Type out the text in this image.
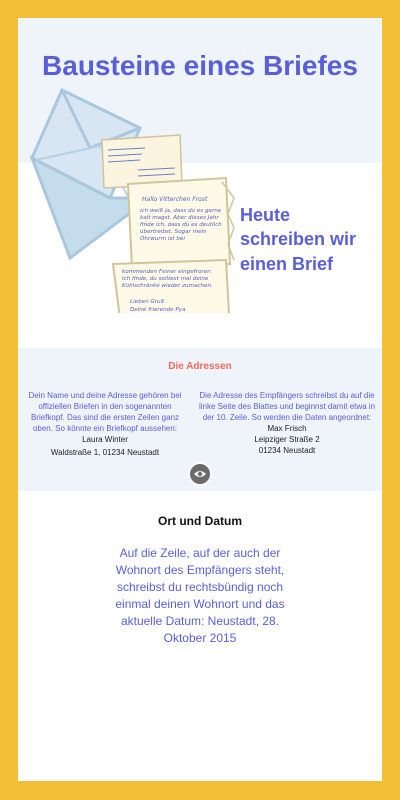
Bausteine eines Briefes
Hallo Vitterchen Frost
ich weiß ja, dass du es gerne kalt magst. Aber dieses Jahr finde ich, dass du es deutlich übertreibst. Sogar mein Ohrwurm ist bei
kommenden Feiner eingefroren. Ich finde, du solltest mal deine Kühlschränke wieder zumachen.
Lieben Gruß
Deine frierende Pya
Heute schreiben wir einen Brief
Die Adressen
Dein Name und deine Adresse gehören bei offiziellen Briefen in den sogenannten Briefkopf. Das sind die ersten Zeilen ganz oben. So könnte ein Briefkopf aussehen:
Laura Winter
Waldstraße 1, 01234 Neustadt
Die Adresse des Empfängers schreibst du auf die linke Seite des Blattes und beginnst damit etwa in der 10. Zeile. So werden die Daten angeordnet:
Max Frisch
Leipziger Straße 2
01234 Neustadt
Ort und Datum
Auf die Zeile, auf der auch der Wohnort des Empfängers steht, schreibst du rechtsbündig noch einmal deinen Wohnort und das aktuelle Datum: Neustadt, 28. Oktober 2015
